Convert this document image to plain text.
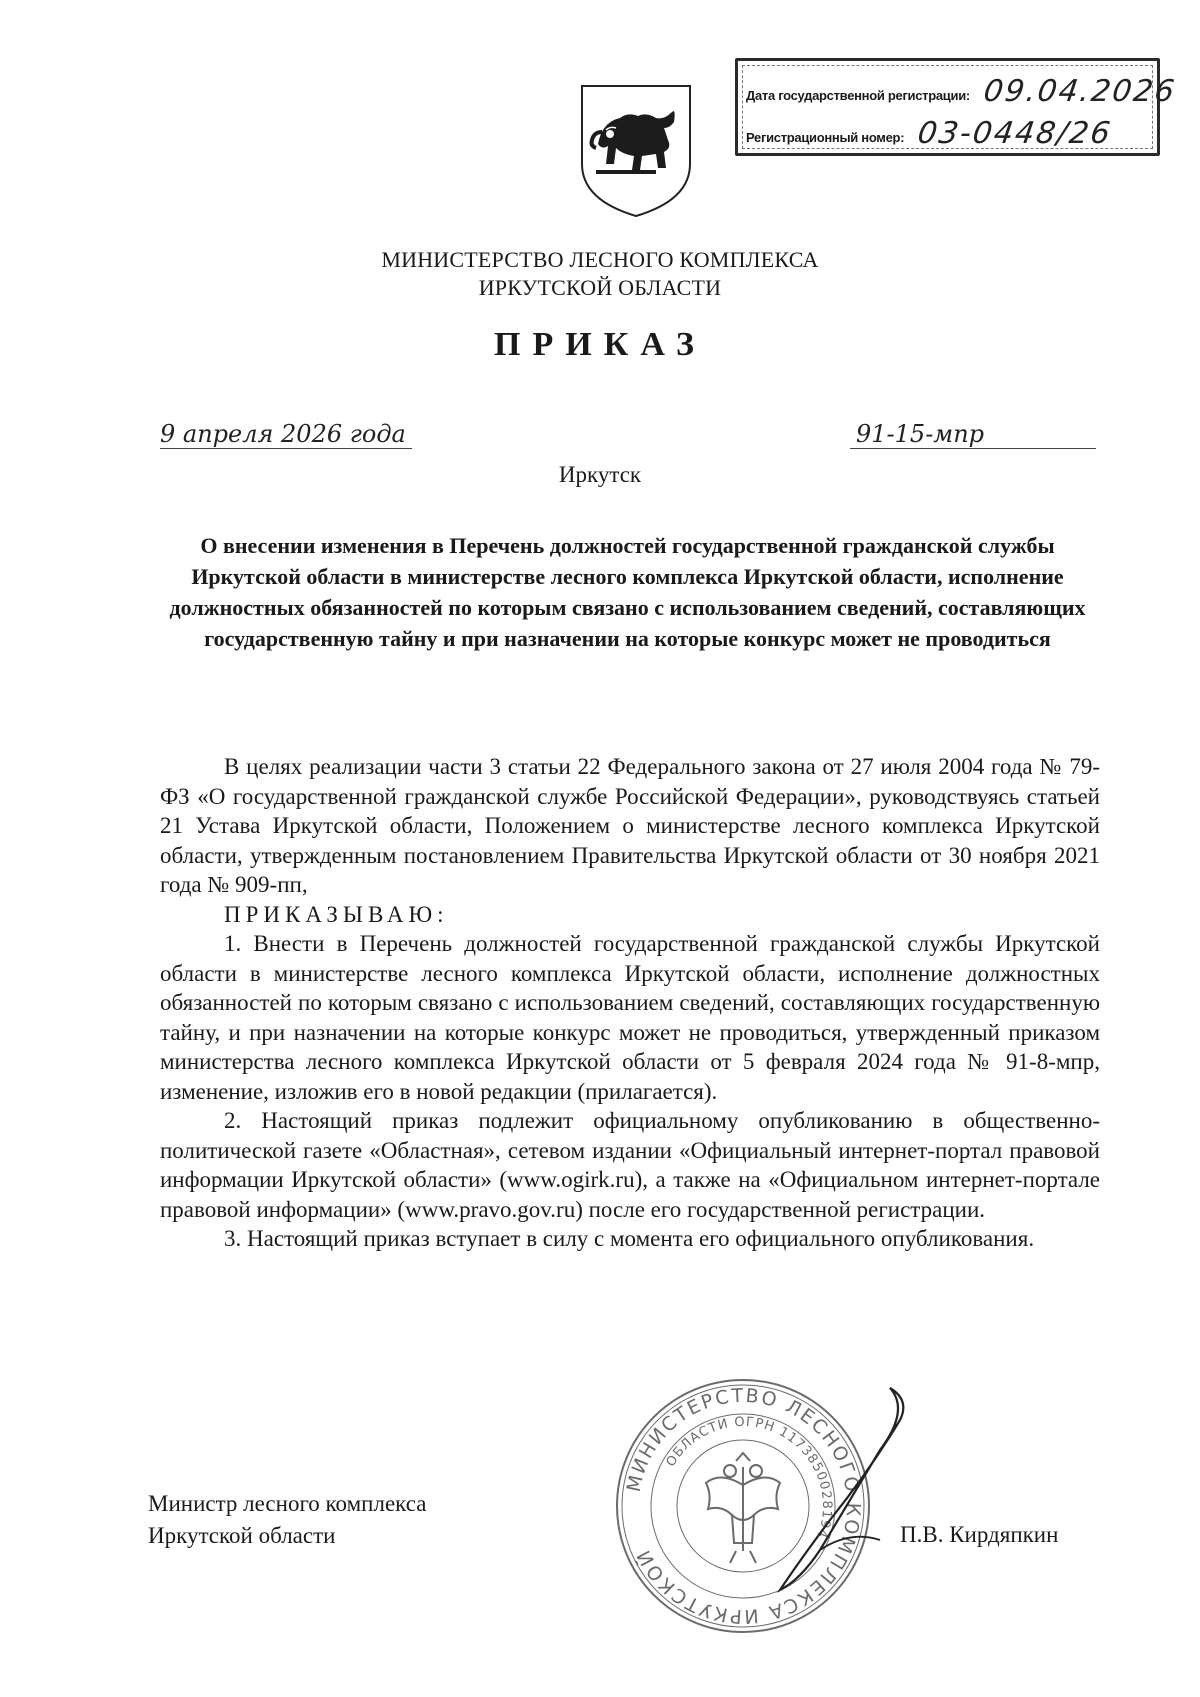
Дата государственной регистрации: 09.04.2026
Регистрационный номер: 03-0448/26
МИНИСТЕРСТВО ЛЕСНОГО КОМПЛЕКСА
ИРКУТСКОЙ ОБЛАСТИ
ПРИКАЗ
9 апреля 2026 года	91-15-мпр
Иркутск
О внесении изменения в Перечень должностей государственной гражданской службы Иркутской области в министерстве лесного комплекса Иркутской области, исполнение должностных обязанностей по которым связано с использованием сведений, составляющих государственную тайну и при назначении на которые конкурс может не проводиться

В целях реализации части 3 статьи 22 Федерального закона от 27 июля 2004 года № 79-ФЗ «О государственной гражданской службе Российской Федерации», руководствуясь статьей 21 Устава Иркутской области, Положением о министерстве лесного комплекса Иркутской области, утвержденным постановлением Правительства Иркутской области от 30 ноября 2021 года № 909-пп,

ПРИКАЗЫВАЮ:

1. Внести в Перечень должностей государственной гражданской службы Иркутской области в министерстве лесного комплекса Иркутской области, исполнение должностных обязанностей по которым связано с использованием сведений, составляющих государственную тайну, и при назначении на которые конкурс может не проводиться, утвержденный приказом министерства лесного комплекса Иркутской области от 5 февраля 2024 года № 91-8-мпр, изменение, изложив его в новой редакции (прилагается).

2. Настоящий приказ подлежит официальному опубликованию в общественно-политической газете «Областная», сетевом издании «Официальный интернет-портал правовой информации Иркутской области» (www.ogirk.ru), а также на «Официальном интернет-портале правовой информации» (www.pravo.gov.ru) после его государственной регистрации.

3. Настоящий приказ вступает в силу с момента его официального опубликования.

МИНИСТЕРСТВО ЛЕСНОГО КОМПЛЕКСА ИРКУТСКОЙ
ОБЛАСТИ ОГРН 1173850028194
Министр лесного комплекса
Иркутской области	П.В. Кирдяпкин
